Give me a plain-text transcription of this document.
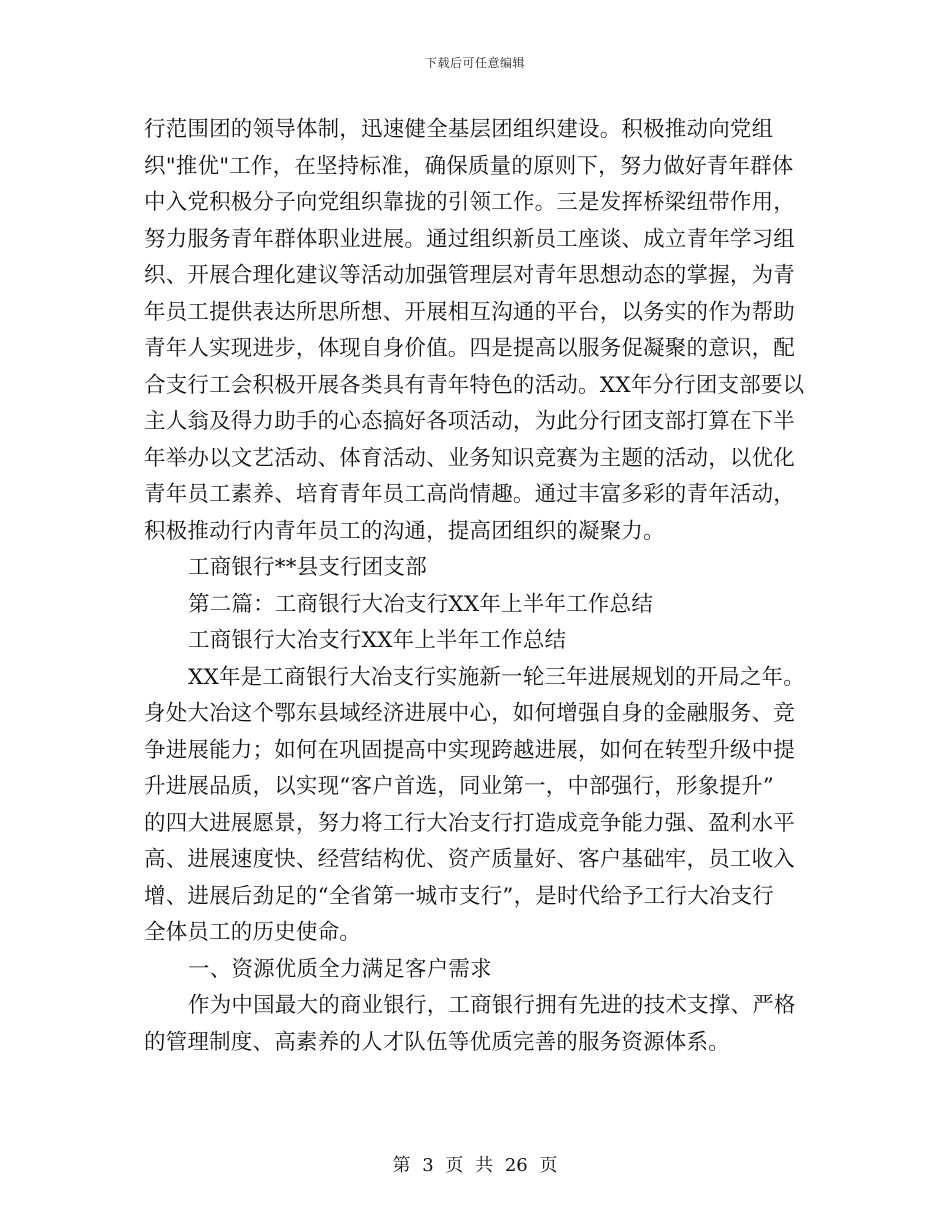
下载后可任意编辑
行范围团的领导体制，迅速健全基层团组织建设。积极推动向党组
织"推优"工作，在坚持标准，确保质量的原则下，努力做好青年群体
中入党积极分子向党组织靠拢的引领工作。三是发挥桥梁纽带作用，
努力服务青年群体职业进展。通过组织新员工座谈、成立青年学习组
织、开展合理化建议等活动加强管理层对青年思想动态的掌握，为青
年员工提供表达所思所想、开展相互沟通的平台，以务实的作为帮助
青年人实现进步，体现自身价值。四是提高以服务促凝聚的意识，配
合支行工会积极开展各类具有青年特色的活动。XX年分行团支部要以
主人翁及得力助手的心态搞好各项活动，为此分行团支部打算在下半
年举办以文艺活动、体育活动、业务知识竞赛为主题的活动，以优化
青年员工素养、培育青年员工高尚情趣。通过丰富多彩的青年活动，
积极推动行内青年员工的沟通，提高团组织的凝聚力。
工商银行**县支行团支部
第二篇：工商银行大冶支行XX年上半年工作总结
工商银行大冶支行XX年上半年工作总结
XX年是工商银行大冶支行实施新一轮三年进展规划的开局之年。
身处大冶这个鄂东县域经济进展中心，如何增强自身的金融服务、竞
争进展能力；如何在巩固提高中实现跨越进展，如何在转型升级中提
升进展品质，以实现“客户首选，同业第一，中部强行，形象提升”
的四大进展愿景，努力将工行大冶支行打造成竞争能力强、盈利水平
高、进展速度快、经营结构优、资产质量好、客户基础牢，员工收入
增、进展后劲足的“全省第一城市支行”，是时代给予工行大冶支行
全体员工的历史使命。
一、资源优质全力满足客户需求
作为中国最大的商业银行，工商银行拥有先进的技术支撑、严格
的管理制度、高素养的人才队伍等优质完善的服务资源体系。
第 3 页 共 26 页
